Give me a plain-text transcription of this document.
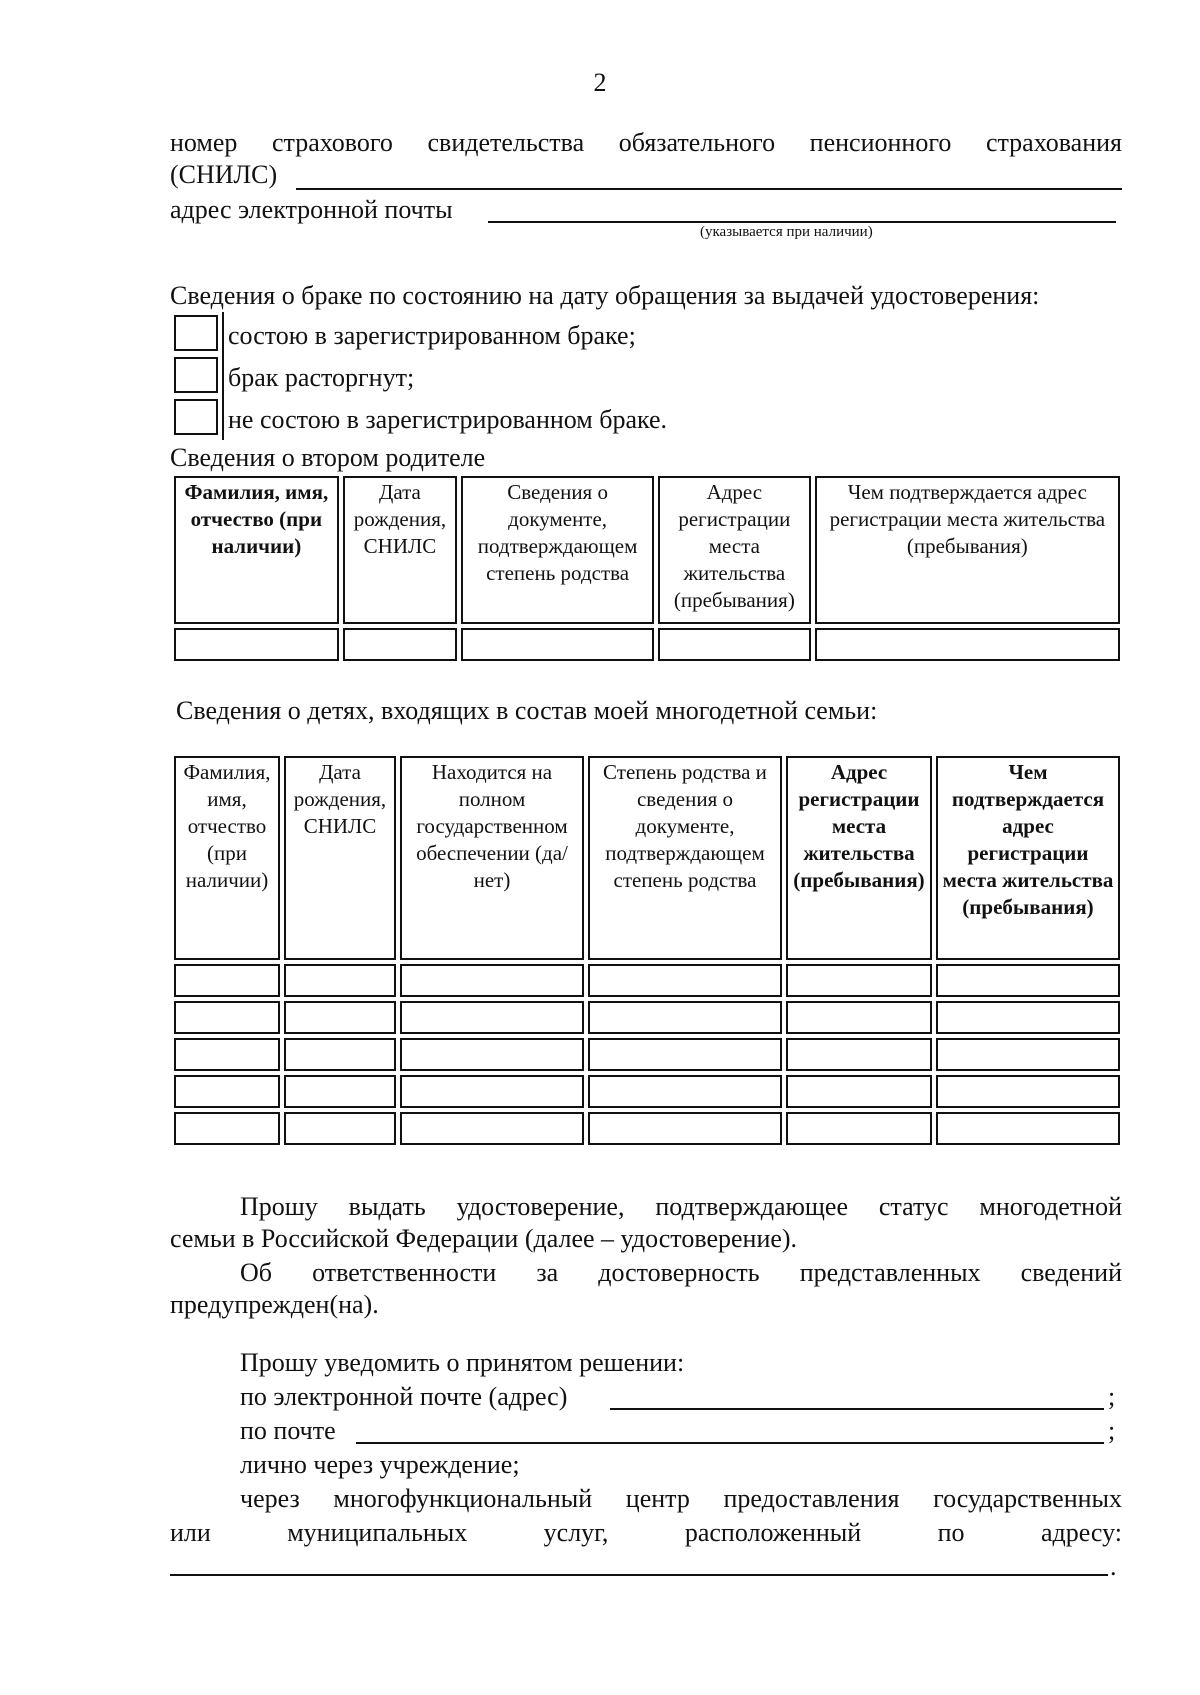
2
номер страхового свидетельства обязательного пенсионного страхования
(СНИЛС)
адрес электронной почты
(указывается при наличии)
Сведения о браке по состоянию на дату обращения за выдачей удостоверения:
состою в зарегистрированном браке;
брак расторгнут;
не состою в зарегистрированном браке.
Сведения о втором родителе
Фамилия, имя, отчество (при наличии)	Дата рождения, СНИЛС	Сведения о документе, подтверждающем степень родства	Адрес регистрации места жительства (пребывания)	Чем подтверждается адрес регистрации места жительства (пребывания)

Сведения о детях, входящих в состав моей многодетной семьи:
Фамилия, имя, отчество (при наличии)	Дата рождения, СНИЛС	Находится на полном государственном обеспечении (да/нет)	Степень родства и сведения о документе, подтверждающем степень родства	Адрес регистрации места жительства (пребывания)	Чем подтверждается адрес регистрации места жительства (пребывания)

Прошу выдать удостоверение, подтверждающее статус многодетной
семьи в Российской Федерации (далее – удостоверение).
Об ответственности за достоверность представленных сведений
предупрежден(на).
Прошу уведомить о принятом решении:
по электронной почте (адрес)	;
по почте	;
лично через учреждение;
через многофункциональный центр предоставления государственных
или муниципальных услуг, расположенный по адресу:
.
